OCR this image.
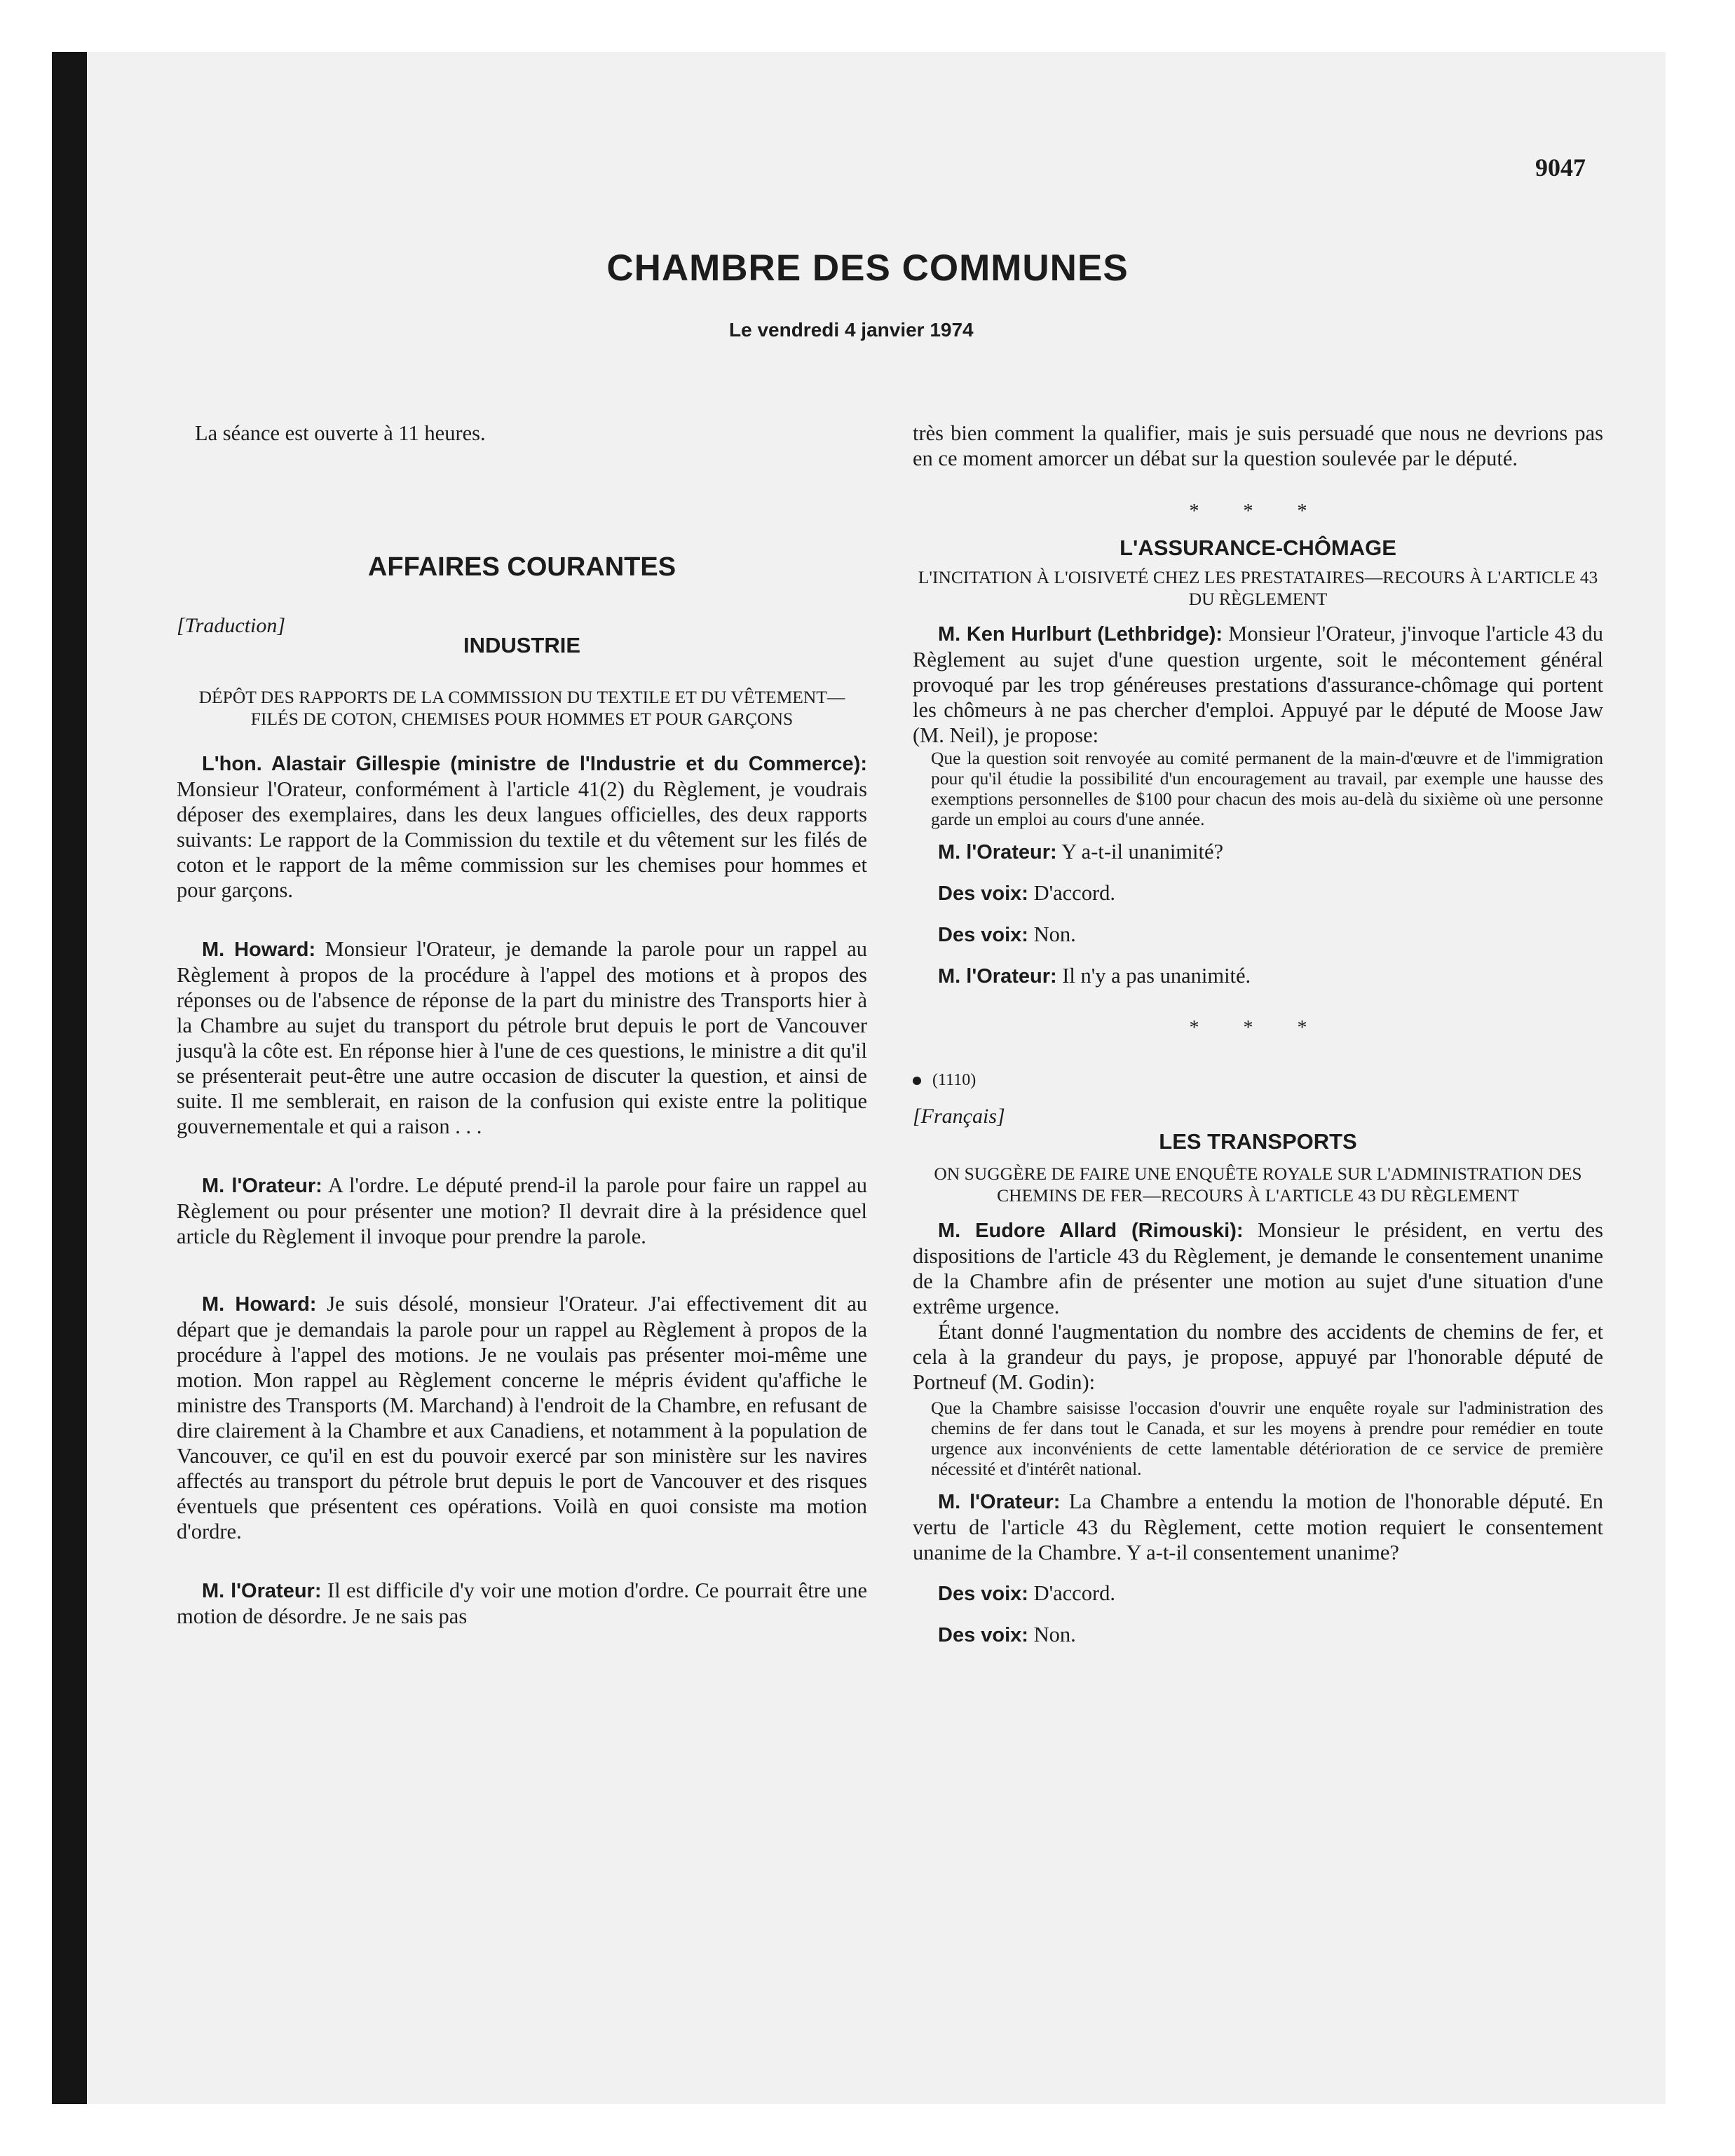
9047
CHAMBRE DES COMMUNES
Le vendredi 4 janvier 1974

La séance est ouverte à 11 heures.

AFFAIRES COURANTES
[Traduction]
INDUSTRIE
DÉPÔT DES RAPPORTS DE LA COMMISSION DU TEXTILE ET DU VÊTEMENT—FILÉS DE COTON, CHEMISES POUR HOMMES ET POUR GARÇONS

L'hon. Alastair Gillespie (ministre de l'Industrie et du Commerce): Monsieur l'Orateur, conformément à l'article 41(2) du Règlement, je voudrais déposer des exemplaires, dans les deux langues officielles, des deux rapports suivants: Le rapport de la Commission du textile et du vêtement sur les filés de coton et le rapport de la même commission sur les chemises pour hommes et pour garçons.

M. Howard: Monsieur l'Orateur, je demande la parole pour un rappel au Règlement à propos de la procédure à l'appel des motions et à propos des réponses ou de l'absence de réponse de la part du ministre des Transports hier à la Chambre au sujet du transport du pétrole brut depuis le port de Vancouver jusqu'à la côte est. En réponse hier à l'une de ces questions, le ministre a dit qu'il se présenterait peut-être une autre occasion de discuter la question, et ainsi de suite. Il me semblerait, en raison de la confusion qui existe entre la politique gouvernementale et qui a raison . . .

M. l'Orateur: A l'ordre. Le député prend-il la parole pour faire un rappel au Règlement ou pour présenter une motion? Il devrait dire à la présidence quel article du Règlement il invoque pour prendre la parole.

M. Howard: Je suis désolé, monsieur l'Orateur. J'ai effectivement dit au départ que je demandais la parole pour un rappel au Règlement à propos de la procédure à l'appel des motions. Je ne voulais pas présenter moi-même une motion. Mon rappel au Règlement concerne le mépris évident qu'affiche le ministre des Transports (M. Marchand) à l'endroit de la Chambre, en refusant de dire clairement à la Chambre et aux Canadiens, et notamment à la population de Vancouver, ce qu'il en est du pouvoir exercé par son ministère sur les navires affectés au transport du pétrole brut depuis le port de Vancouver et des risques éventuels que présentent ces opérations. Voilà en quoi consiste ma motion d'ordre.

M. l'Orateur: Il est difficile d'y voir une motion d'ordre. Ce pourrait être une motion de désordre. Je ne sais pas

très bien comment la qualifier, mais je suis persuadé que nous ne devrions pas en ce moment amorcer un débat sur la question soulevée par le député.

* * *
L'ASSURANCE-CHÔMAGE
L'INCITATION À L'OISIVETÉ CHEZ LES PRESTATAIRES—RECOURS À L'ARTICLE 43 DU RÈGLEMENT

M. Ken Hurlburt (Lethbridge): Monsieur l'Orateur, j'invoque l'article 43 du Règlement au sujet d'une question urgente, soit le mécontement général provoqué par les trop généreuses prestations d'assurance-chômage qui portent les chômeurs à ne pas chercher d'emploi. Appuyé par le député de Moose Jaw (M. Neil), je propose:

Que la question soit renvoyée au comité permanent de la main-d'œuvre et de l'immigration pour qu'il étudie la possibilité d'un encouragement au travail, par exemple une hausse des exemptions personnelles de $100 pour chacun des mois au-delà du sixième où une personne garde un emploi au cours d'une année.

M. l'Orateur: Y a-t-il unanimité?

Des voix: D'accord.

Des voix: Non.

M. l'Orateur: Il n'y a pas unanimité.

* * *
(1110)
[Français]
LES TRANSPORTS
ON SUGGÈRE DE FAIRE UNE ENQUÊTE ROYALE SUR L'ADMINISTRATION DES CHEMINS DE FER—RECOURS À L'ARTICLE 43 DU RÈGLEMENT

M. Eudore Allard (Rimouski): Monsieur le président, en vertu des dispositions de l'article 43 du Règlement, je demande le consentement unanime de la Chambre afin de présenter une motion au sujet d'une situation d'une extrême urgence.

Étant donné l'augmentation du nombre des accidents de chemins de fer, et cela à la grandeur du pays, je propose, appuyé par l'honorable député de Portneuf (M. Godin):

Que la Chambre saisisse l'occasion d'ouvrir une enquête royale sur l'administration des chemins de fer dans tout le Canada, et sur les moyens à prendre pour remédier en toute urgence aux inconvénients de cette lamentable détérioration de ce service de première nécessité et d'intérêt national.

M. l'Orateur: La Chambre a entendu la motion de l'honorable député. En vertu de l'article 43 du Règlement, cette motion requiert le consentement unanime de la Chambre. Y a-t-il consentement unanime?

Des voix: D'accord.

Des voix: Non.
